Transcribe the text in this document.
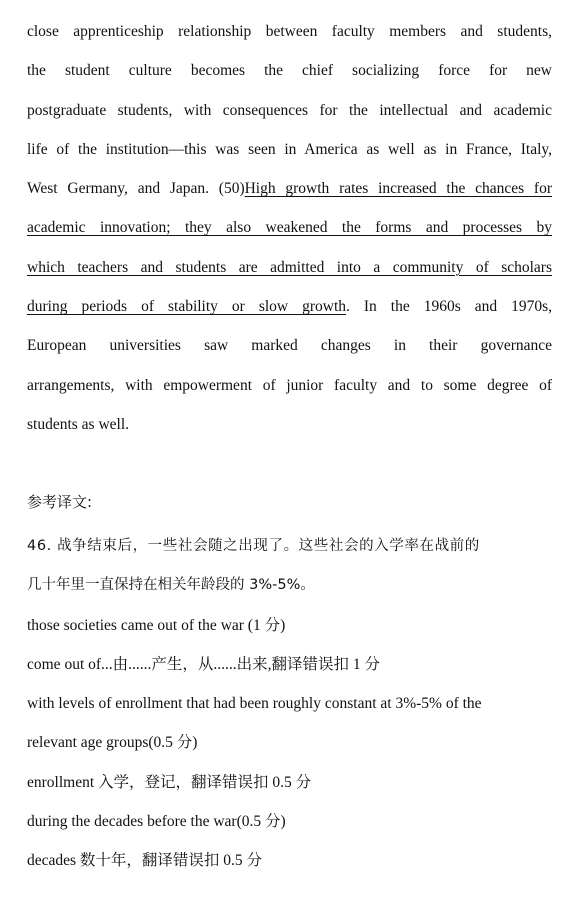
close apprenticeship relationship between faculty members and students,
the student culture becomes the chief socializing force for new
postgraduate students, with consequences for the intellectual and academic
life of the institution—this was seen in America as well as in France, Italy,
West Germany, and Japan. (50)High growth rates increased the chances for
academic innovation; they also weakened the forms and processes by
which teachers and students are admitted into a community of scholars
during periods of stability or slow growth. In the 1960s and 1970s,
European universities saw marked changes in their governance
arrangements, with empowerment of junior faculty and to some degree of
students as well.
参考译文:
46. 战争结束后，一些社会随之出现了。这些社会的入学率在战前的
几十年里一直保持在相关年龄段的 3%-5%。
those societies came out of the war (1 分)
come out of...由......产生，从......出来,翻译错误扣 1 分
with levels of enrollment that had been roughly constant at 3%-5% of the
relevant age groups(0.5 分)
enrollment 入学，登记，翻译错误扣 0.5 分
during the decades before the war(0.5 分)
decades 数十年，翻译错误扣 0.5 分
